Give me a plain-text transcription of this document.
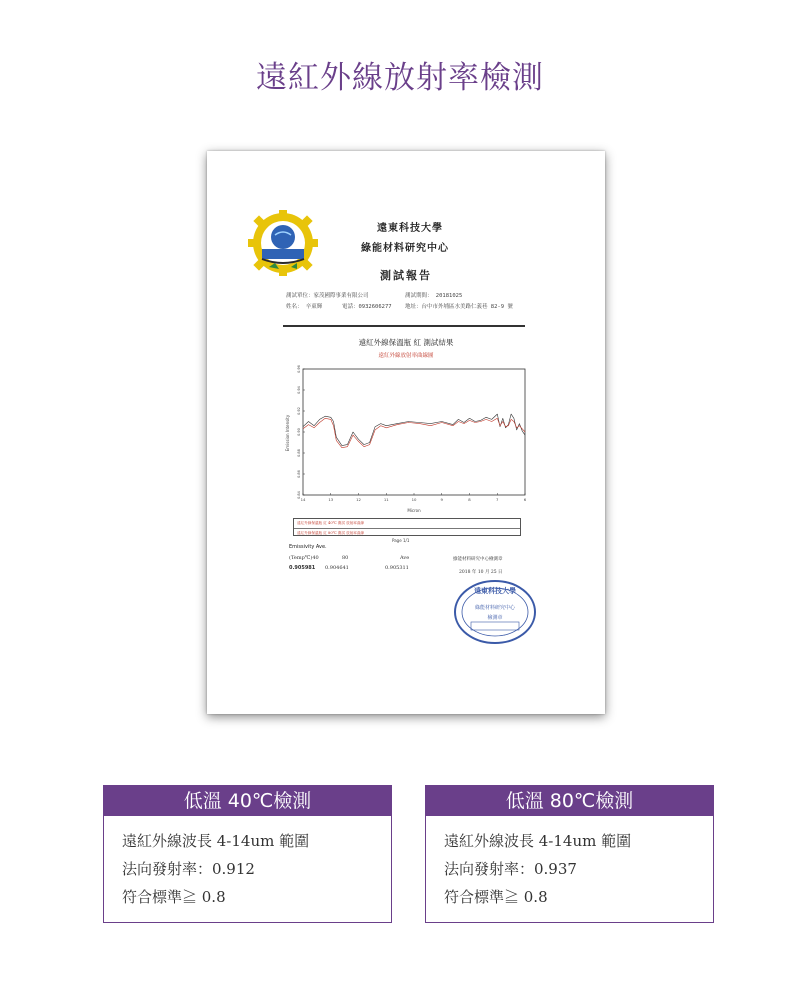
遠紅外線放射率檢測
遠東科技大學
綠能材料研究中心
測試報告
測試單位：家茂國際事業有限公司	測試期間： 20181025
姓名： 辛東輝	電話：0932606277 地址：台中市外埔區水美路仁義巷 82-9 號
遠紅外線保溫瓶 紅 測試結果
遠紅外線放射率曲線圖
0.84
0.86
0.88
0.90
0.92
0.94
0.96
14	13	12	11	10	9	8	7	6
Emission Intensity
Micron
遠紅外線保溫瓶 紅 40℃ 測試 放射率曲線
遠紅外線保溫瓶 紅 80℃ 測試 放射率曲線
Page 1/1
Emissivity Ave.
(Temp℃)40	80	Ave
0.905981 0.904641	0.905311
綠能材料研究中心檢測章
2018 年 10 月 25 日
遠東科技大學
綠能材料研究中心
檢測章
低溫 40℃檢測
遠紅外線波長 4-14um 範圍
法向發射率：0.912
符合標準≧ 0.8
低溫 80℃檢測
遠紅外線波長 4-14um 範圍
法向發射率：0.937
符合標準≧ 0.8
